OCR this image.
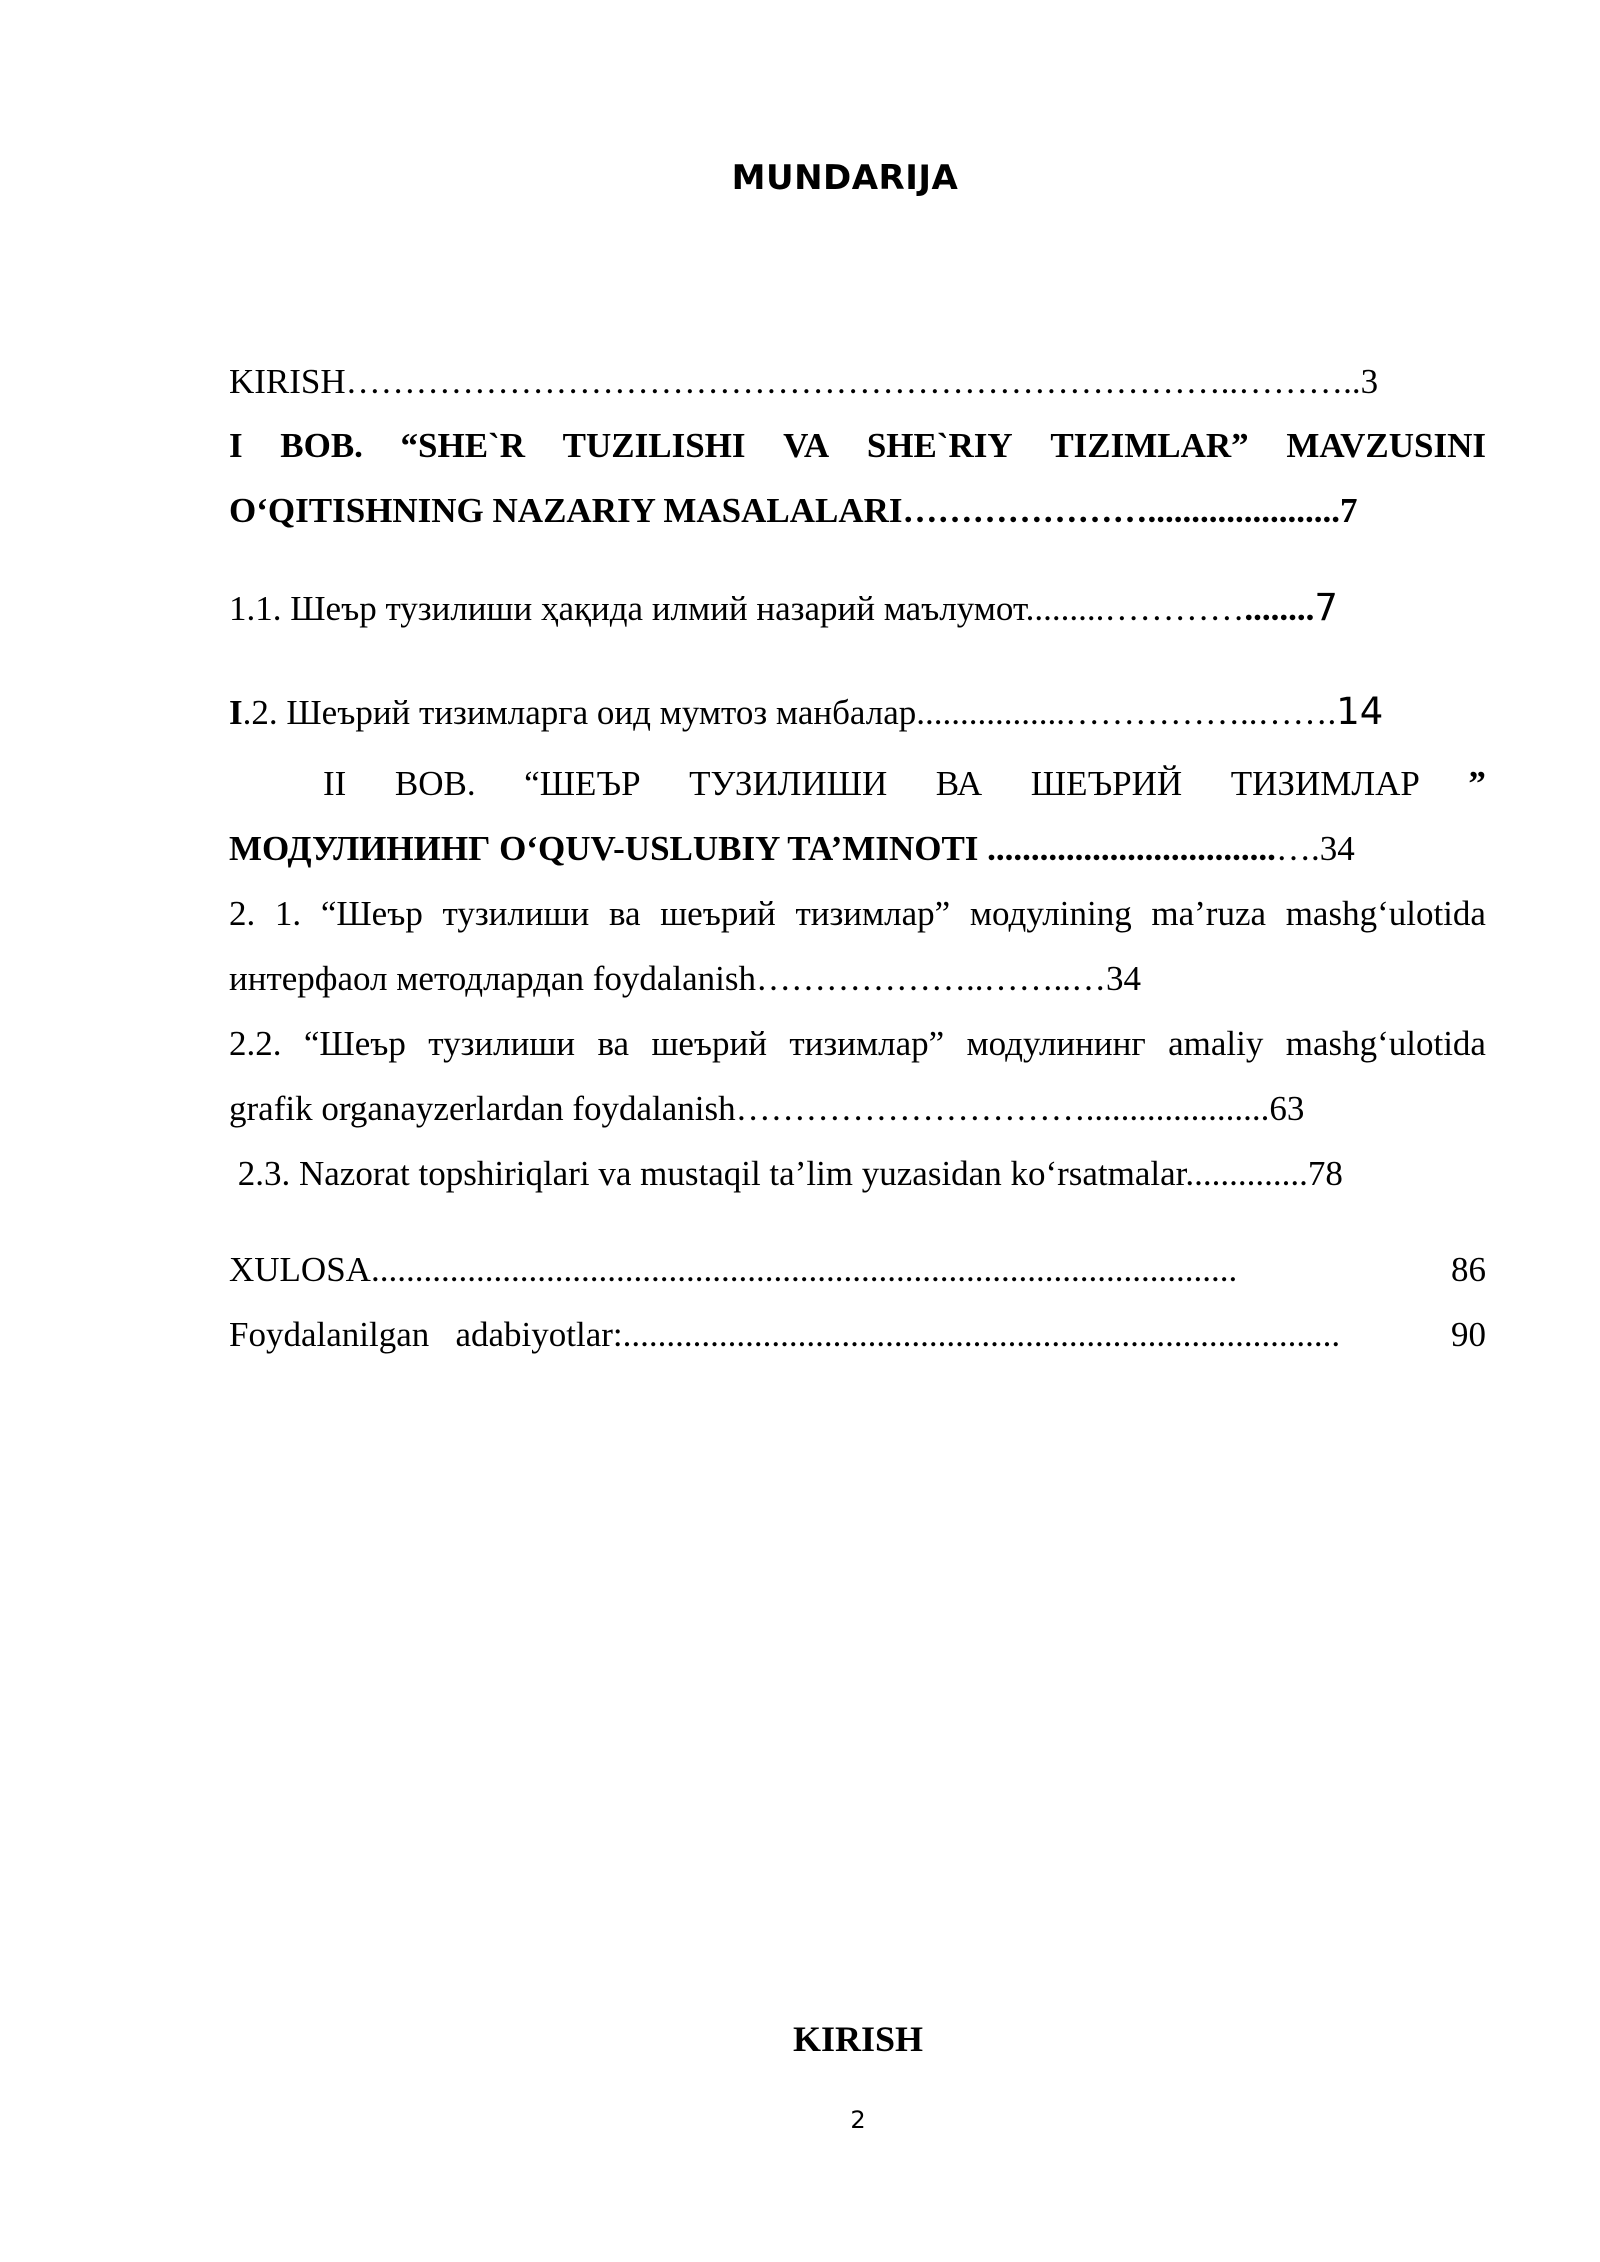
MUNDARIJA
KIRISH…………………………………………………………………..………..3
I BOB. “SHE`R TUZILISHI VA SHE`RIY TIZIMLAR” MAVZUSINI
O‘QITISHNING NAZARIY MASALALARI…………………......................7
1.1. Шеър тузилиши ҳақида илмий назарий маълумот.........…………........7
I.2. Шеърий тизимларга оид мумтоз манбалар.................……………..…….14
II ВОВ. “ШЕЪР ТУЗИЛИШИ ВА ШЕЪРИЙ ТИЗИМЛАР ”
МОДУЛИНИНГ O‘QUV-USLUBIY TA’MINOTI .................................….34
2. 1. “Шеър тузилиши ва шеърий тизимлар” модулining ma’ruza mashg‘ulotida
интерфаол методлардan foydalanish………………..……..…34
2.2. “Шеър тузилиши ва шеърий тизимлар” модулининг amaliy mashg‘ulotida
grafik organayzerlardan foydalanish………………………….....................63
2.3. Nazorat topshiriqlari va mustaqil ta’lim yuzasidan ko‘rsatmalar..............78
XULOSA ...................................................................................................	86
Foydalanilgan   adabiyotlar: ..................................................................................	90
KIRISH
2
